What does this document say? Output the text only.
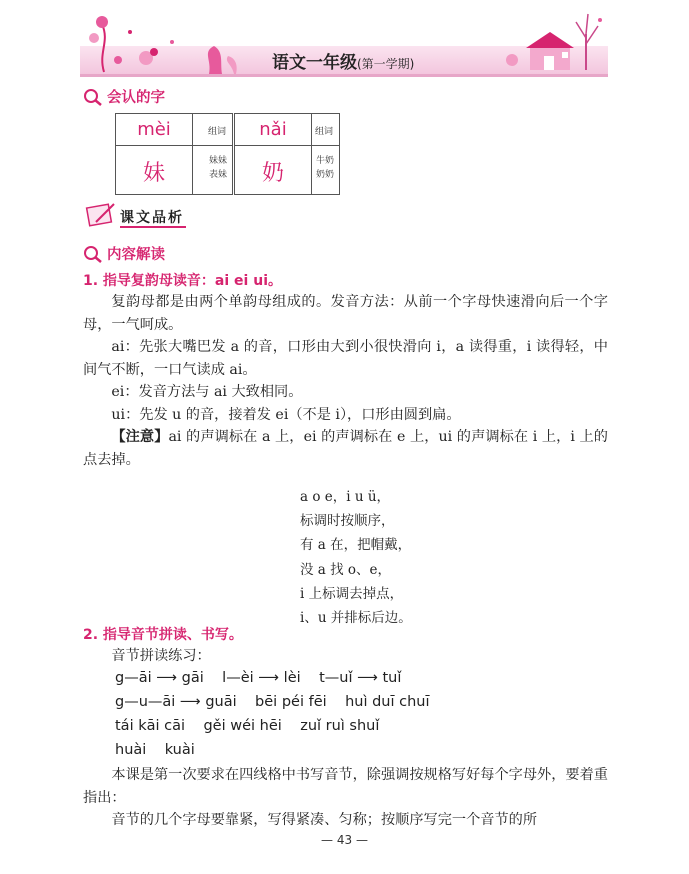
语文一年级(第一学期)
会认的字
mèi	组词
妹	妹妹
表妹
nǎi	组词
奶	牛奶
奶奶
课文品析
内容解读
1. 指导复韵母读音：ai ei ui。

复韵母都是由两个单韵母组成的。发音方法：从前一个字母快速滑向后一个字母，一气呵成。

ai：先张大嘴巴发 a 的音，口形由大到小很快滑向 i，a 读得重，i 读得轻，中间气不断，一口气读成 ai。

ei：发音方法与 ai 大致相同。

ui：先发 u 的音，接着发 ei（不是 i），口形由圆到扁。

【注意】ai 的声调标在 a 上，ei 的声调标在 e 上，ui 的声调标在 i 上，i 上的点去掉。

a o e，i u ü，
标调时按顺序，
有 a 在，把帽戴，
没 a 找 o、e，
i 上标调去掉点，
i、u 并排标后边。
2. 指导音节拼读、书写。

音节拼读练习：

g—āi ⟶ gāi    l—èi ⟶ lèi    t—uǐ ⟶ tuǐ
g—u—āi ⟶ guāi    bēi péi fēi    huì duī chuī
tái kāi cāi    gěi wéi hēi    zuǐ ruì shuǐ
huài    kuài

本课是第一次要求在四线格中书写音节，除强调按规格写好每个字母外，要着重指出：

音节的几个字母要靠紧，写得紧凑、匀称；按顺序写完一个音节的所

— 43 —
